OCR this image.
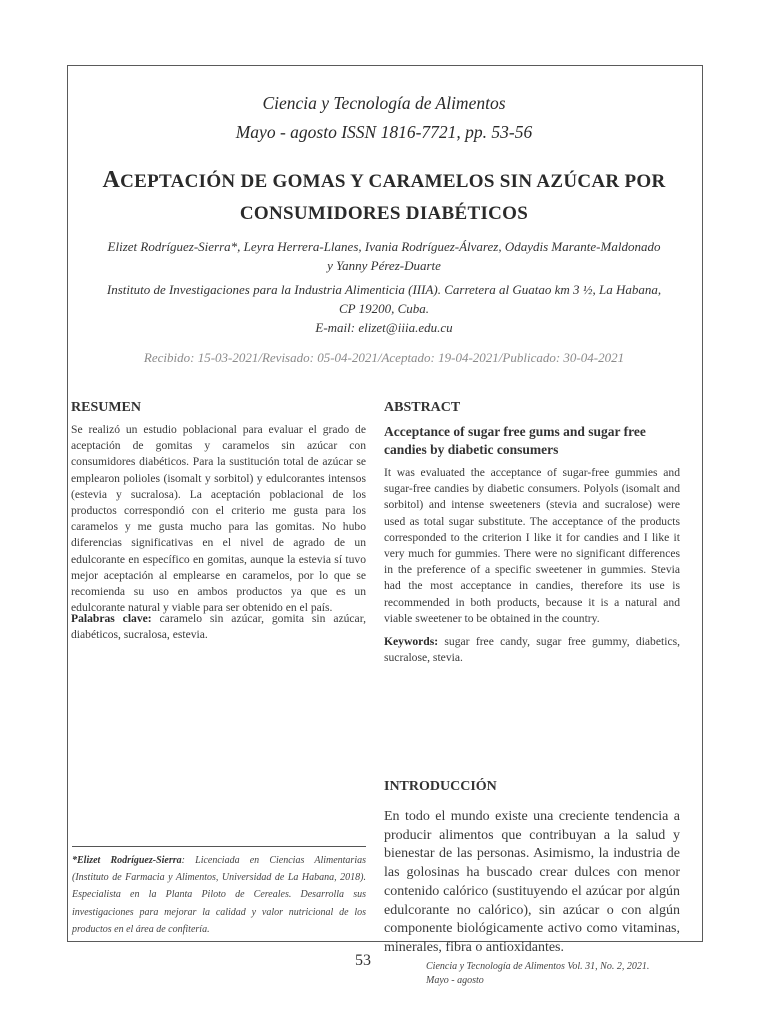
Ciencia y Tecnología de Alimentos

Mayo - agosto ISSN 1816-7721, pp. 53-56

ACEPTACIÓN DE GOMAS Y CARAMELOS SIN AZÚCAR POR
CONSUMIDORES DIABÉTICOS

Elizet Rodríguez-Sierra*, Leyra Herrera-Llanes, Ivania Rodríguez-Álvarez, Odaydis Marante-Maldonado
y Yanny Pérez-Duarte

Instituto de Investigaciones para la Industria Alimenticia (IIIA). Carretera al Guatao km 3 ½, La Habana,
CP 19200, Cuba.

E-mail: elizet@iiia.edu.cu

Recibido: 15-03-2021/Revisado: 05-04-2021/Aceptado: 19-04-2021/Publicado: 30-04-2021

RESUMEN

Se realizó un estudio poblacional para evaluar el grado de aceptación de gomitas y caramelos sin azúcar con consumidores diabéticos. Para la sustitución total de azúcar se emplearon polioles (isomalt y sorbitol) y edulcorantes intensos (estevia y sucralosa). La aceptación poblacional de los productos correspondió con el criterio me gusta para los caramelos y me gusta mucho para las gomitas. No hubo diferencias significativas en el nivel de agrado de un edulcorante en específico en gomitas, aunque la estevia sí tuvo mejor aceptación al emplearse en caramelos, por lo que se recomienda su uso en ambos productos ya que es un edulcorante natural y viable para ser obtenido en el país.

Palabras clave: caramelo sin azúcar, gomita sin azúcar, diabéticos, sucralosa, estevia.

*Elizet Rodríguez-Sierra: Licenciada en Ciencias Alimentarias (Instituto de Farmacia y Alimentos, Universidad de La Habana, 2018). Especialista en la Planta Piloto de Cereales. Desarrolla sus investigaciones para mejorar la calidad y valor nutricional de los productos en el área de confitería.

ABSTRACT

Acceptance of sugar free gums and sugar free candies by diabetic consumers

It was evaluated the acceptance of sugar-free gummies and sugar-free candies by diabetic consumers. Polyols (isomalt and sorbitol) and intense sweeteners (stevia and sucralose) were used as total sugar substitute. The acceptance of the products corresponded to the criterion I like it for candies and I like it very much for gummies. There were no significant differences in the preference of a specific sweetener in gummies. Stevia had the most acceptance in candies, therefore its use is recommended in both products, because it is a natural and viable sweetener to be obtained in the country.

Keywords: sugar free candy, sugar free gummy, diabetics, sucralose, stevia.

INTRODUCCIÓN

En todo el mundo existe una creciente tendencia a producir alimentos que contribuyan a la salud y bienestar de las personas. Asimismo, la industria de las golosinas ha buscado crear dulces con menor contenido calórico (sustituyendo el azúcar por algún edulcorante no calórico), sin azúcar o con algún componente biológicamente activo como vitaminas, minerales, fibra o antioxidantes.

53	Ciencia y Tecnología de Alimentos Vol. 31, No. 2, 2021.
Mayo - agosto
